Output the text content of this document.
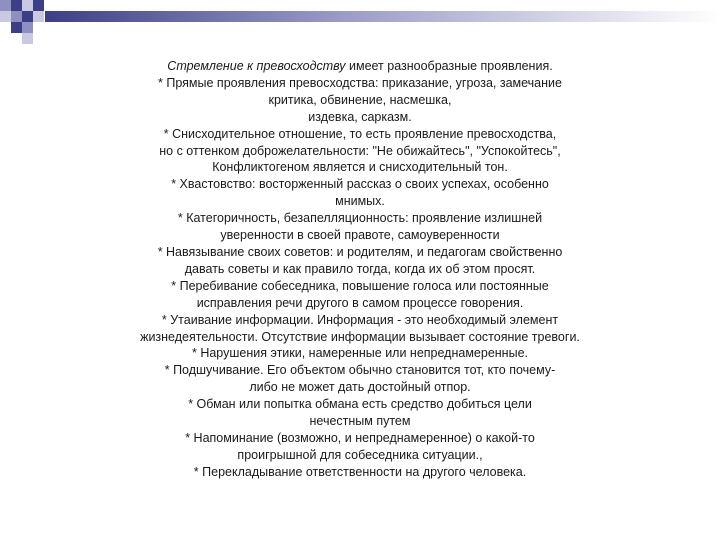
Стремление к превосходству имеет разнообразные проявления.
* Прямые проявления превосходства: приказание, угроза, замечание
критика, обвинение, насмешка,
издевка, сарказм.
* Снисходительное отношение, то есть проявление превосходства,
но с оттенком доброжелательности: "Не обижайтесь", "Успокойтесь",
Конфликтогеном является и снисходительный тон.
* Хвастовство: восторженный рассказ о своих успехах, особенно
мнимых.
* Категоричность, безапелляционность: проявление излишней
уверенности в своей правоте, самоуверенности
* Навязывание своих советов: и родителям, и педагогам свойственно
давать советы и как правило тогда, когда их об этом просят.
* Перебивание собеседника, повышение голоса или постоянные
исправления речи другого в самом процессе говорения.
* Утаивание информации. Информация - это необходимый элемент
жизнедеятельности. Отсутствие информации вызывает состояние тревоги.
* Нарушения этики, намеренные или непреднамеренные.
* Подшучивание. Его объектом обычно становится тот, кто почему-
либо не может дать достойный отпор.
* Обман или попытка обмана есть средство добиться цели
нечестным путем
* Напоминание (возможно, и непреднамеренное) о какой-то
проигрышной для собеседника ситуации.,
* Перекладывание ответственности на другого человека.
